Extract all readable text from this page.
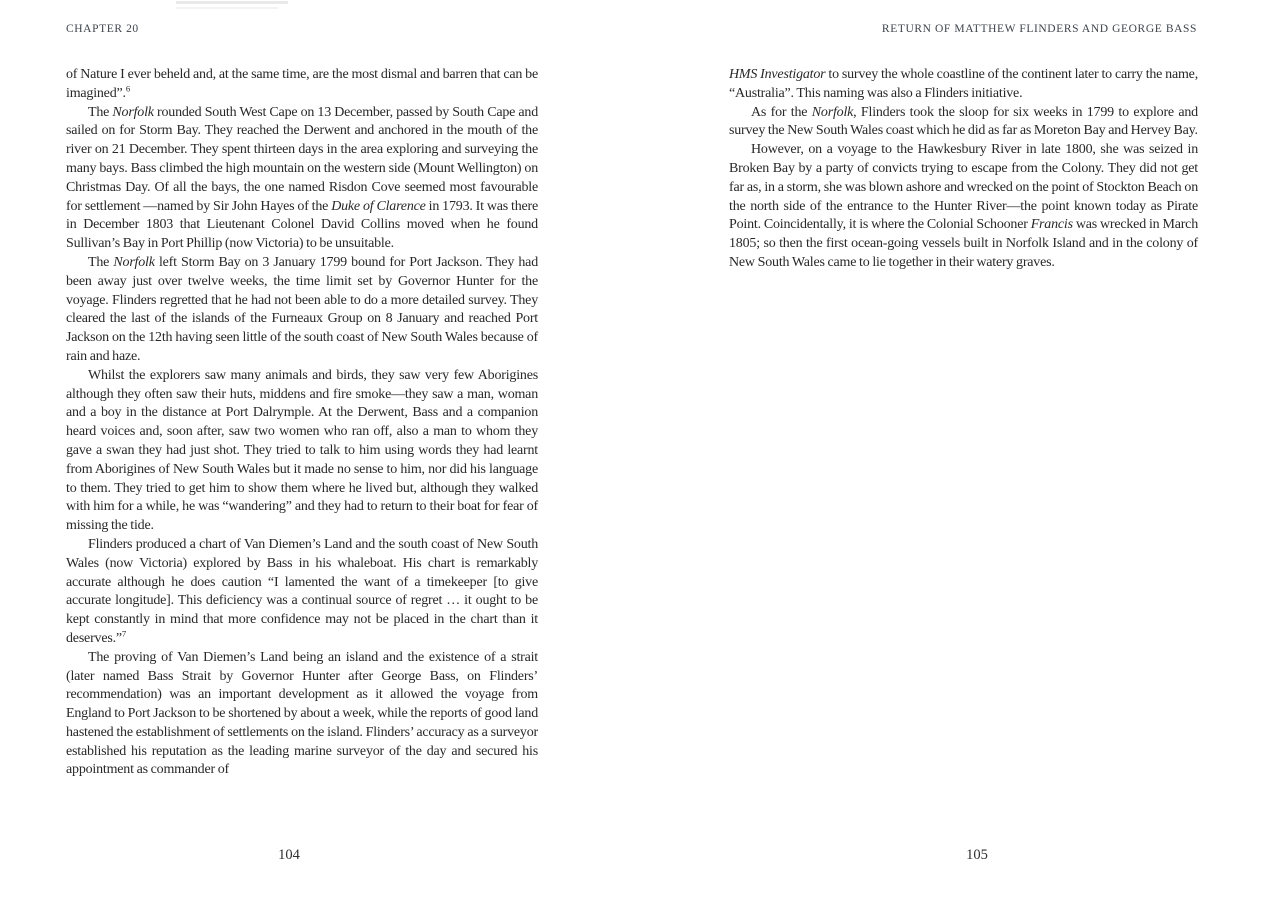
CHAPTER 20	RETURN OF MATTHEW FLINDERS AND GEORGE BASS

of Nature I ever beheld and, at the same time, are the most dismal and barren that can be imagined”.$^6$

The Norfolk rounded South West Cape on 13 December, passed by South Cape and sailed on for Storm Bay. They reached the Derwent and anchored in the mouth of the river on 21 December. They spent thirteen days in the area exploring and surveying the many bays. Bass climbed the high mountain on the western side (Mount Wellington) on Christmas Day. Of all the bays, the one named Risdon Cove seemed most favourable for settlement —named by Sir John Hayes of the Duke of Clarence in 1793. It was there in December 1803 that Lieutenant Colonel David Collins moved when he found Sullivan’s Bay in Port Phillip (now Victoria) to be unsuitable.

The Norfolk left Storm Bay on 3 January 1799 bound for Port Jackson. They had been away just over twelve weeks, the time limit set by Governor Hunter for the voyage. Flinders regretted that he had not been able to do a more detailed survey. They cleared the last of the islands of the Furneaux Group on 8 January and reached Port Jackson on the 12th having seen little of the south coast of New South Wales because of rain and haze.

Whilst the explorers saw many animals and birds, they saw very few Aborigines although they often saw their huts, middens and fire smoke—they saw a man, woman and a boy in the distance at Port Dalrymple. At the Derwent, Bass and a companion heard voices and, soon after, saw two women who ran off, also a man to whom they gave a swan they had just shot. They tried to talk to him using words they had learnt from Aborigines of New South Wales but it made no sense to him, nor did his language to them. They tried to get him to show them where he lived but, although they walked with him for a while, he was “wandering” and they had to return to their boat for fear of missing the tide.

Flinders produced a chart of Van Diemen’s Land and the south coast of New South Wales (now Victoria) explored by Bass in his whaleboat. His chart is remarkably accurate although he does caution “I lamented the want of a timekeeper [to give accurate longitude]. This deficiency was a continual source of regret … it ought to be kept constantly in mind that more confidence may not be placed in the chart than it deserves.”$^7$

The proving of Van Diemen’s Land being an island and the existence of a strait (later named Bass Strait by Governor Hunter after George Bass, on Flinders’ recommendation) was an important development as it allowed the voyage from England to Port Jackson to be shortened by about a week, while the reports of good land hastened the establishment of settlements on the island. Flinders’ accuracy as a surveyor established his reputation as the leading marine surveyor of the day and secured his appointment as commander of

HMS Investigator to survey the whole coastline of the continent later to carry the name, “Australia”. This naming was also a Flinders initiative.

As for the Norfolk, Flinders took the sloop for six weeks in 1799 to explore and survey the New South Wales coast which he did as far as Moreton Bay and Hervey Bay.

However, on a voyage to the Hawkesbury River in late 1800, she was seized in Broken Bay by a party of convicts trying to escape from the Colony. They did not get far as, in a storm, she was blown ashore and wrecked on the point of Stockton Beach on the north side of the entrance to the Hunter River—the point known today as Pirate Point. Coincidentally, it is where the Colonial Schooner Francis was wrecked in March 1805; so then the first ocean-going vessels built in Norfolk Island and in the colony of New South Wales came to lie together in their watery graves.

104	105
